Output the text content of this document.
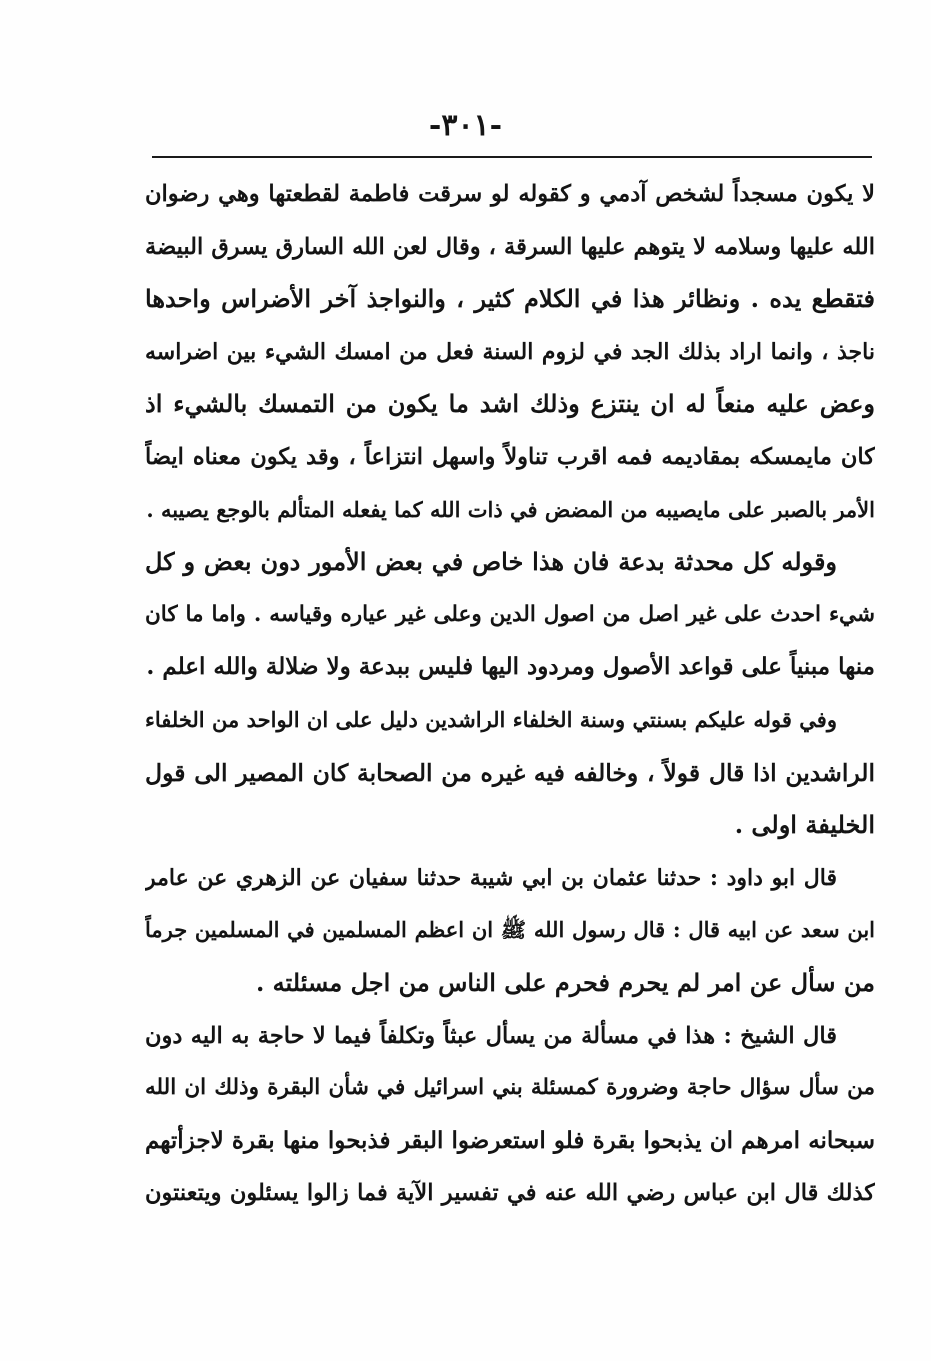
-٣٠١-
لا يكون مسجداً لشخص آدمي و كقوله لو سرقت فاطمة لقطعتها وهي رضوان
الله عليها وسلامه لا يتوهم عليها السرقة ، وقال لعن الله السارق يسرق البيضة
فتقطع يده . ونظائر هذا في الكلام كثير ، والنواجذ آخر الأضراس واحدها
ناجذ ، وانما اراد بذلك الجد في لزوم السنة فعل من امسك الشيء بين اضراسه
وعض عليه منعاً له ان ينتزع وذلك اشد ما يكون من التمسك بالشيء اذ
كان مايمسكه بمقاديمه فمه اقرب تناولاً واسهل انتزاعاً ، وقد يكون معناه ايضاً
الأمر بالصبر على مايصيبه من المضض في ذات الله كما يفعله المتألم بالوجع يصيبه .
وقوله كل محدثة بدعة فان هذا خاص في بعض الأمور دون بعض و كل
شيء احدث على غير اصل من اصول الدين وعلى غير عياره وقياسه . واما ما كان
منها مبنياً على قواعد الأصول ومردود اليها فليس ببدعة ولا ضلالة والله اعلم .
وفي قوله عليكم بسنتي وسنة الخلفاء الراشدين دليل على ان الواحد من الخلفاء
الراشدين اذا قال قولاً ، وخالفه فيه غيره من الصحابة كان المصير الى قول
الخليفة اولى .
قال ابو داود : حدثنا عثمان بن ابي شيبة حدثنا سفيان عن الزهري عن عامر
ابن سعد عن ابيه قال : قال رسول الله ﷺ ان اعظم المسلمين في المسلمين جرماً
من سأل عن امر لم يحرم فحرم على الناس من اجل مسئلته .
قال الشيخ : هذا في مسألة من يسأل عبثاً وتكلفاً فيما لا حاجة به اليه دون
من سأل سؤال حاجة وضرورة كمسئلة بني اسرائيل في شأن البقرة وذلك ان الله
سبحانه امرهم ان يذبحوا بقرة فلو استعرضوا البقر فذبحوا منها بقرة لاجزأتهم
كذلك قال ابن عباس رضي الله عنه في تفسير الآية فما زالوا يسئلون ويتعنتون
